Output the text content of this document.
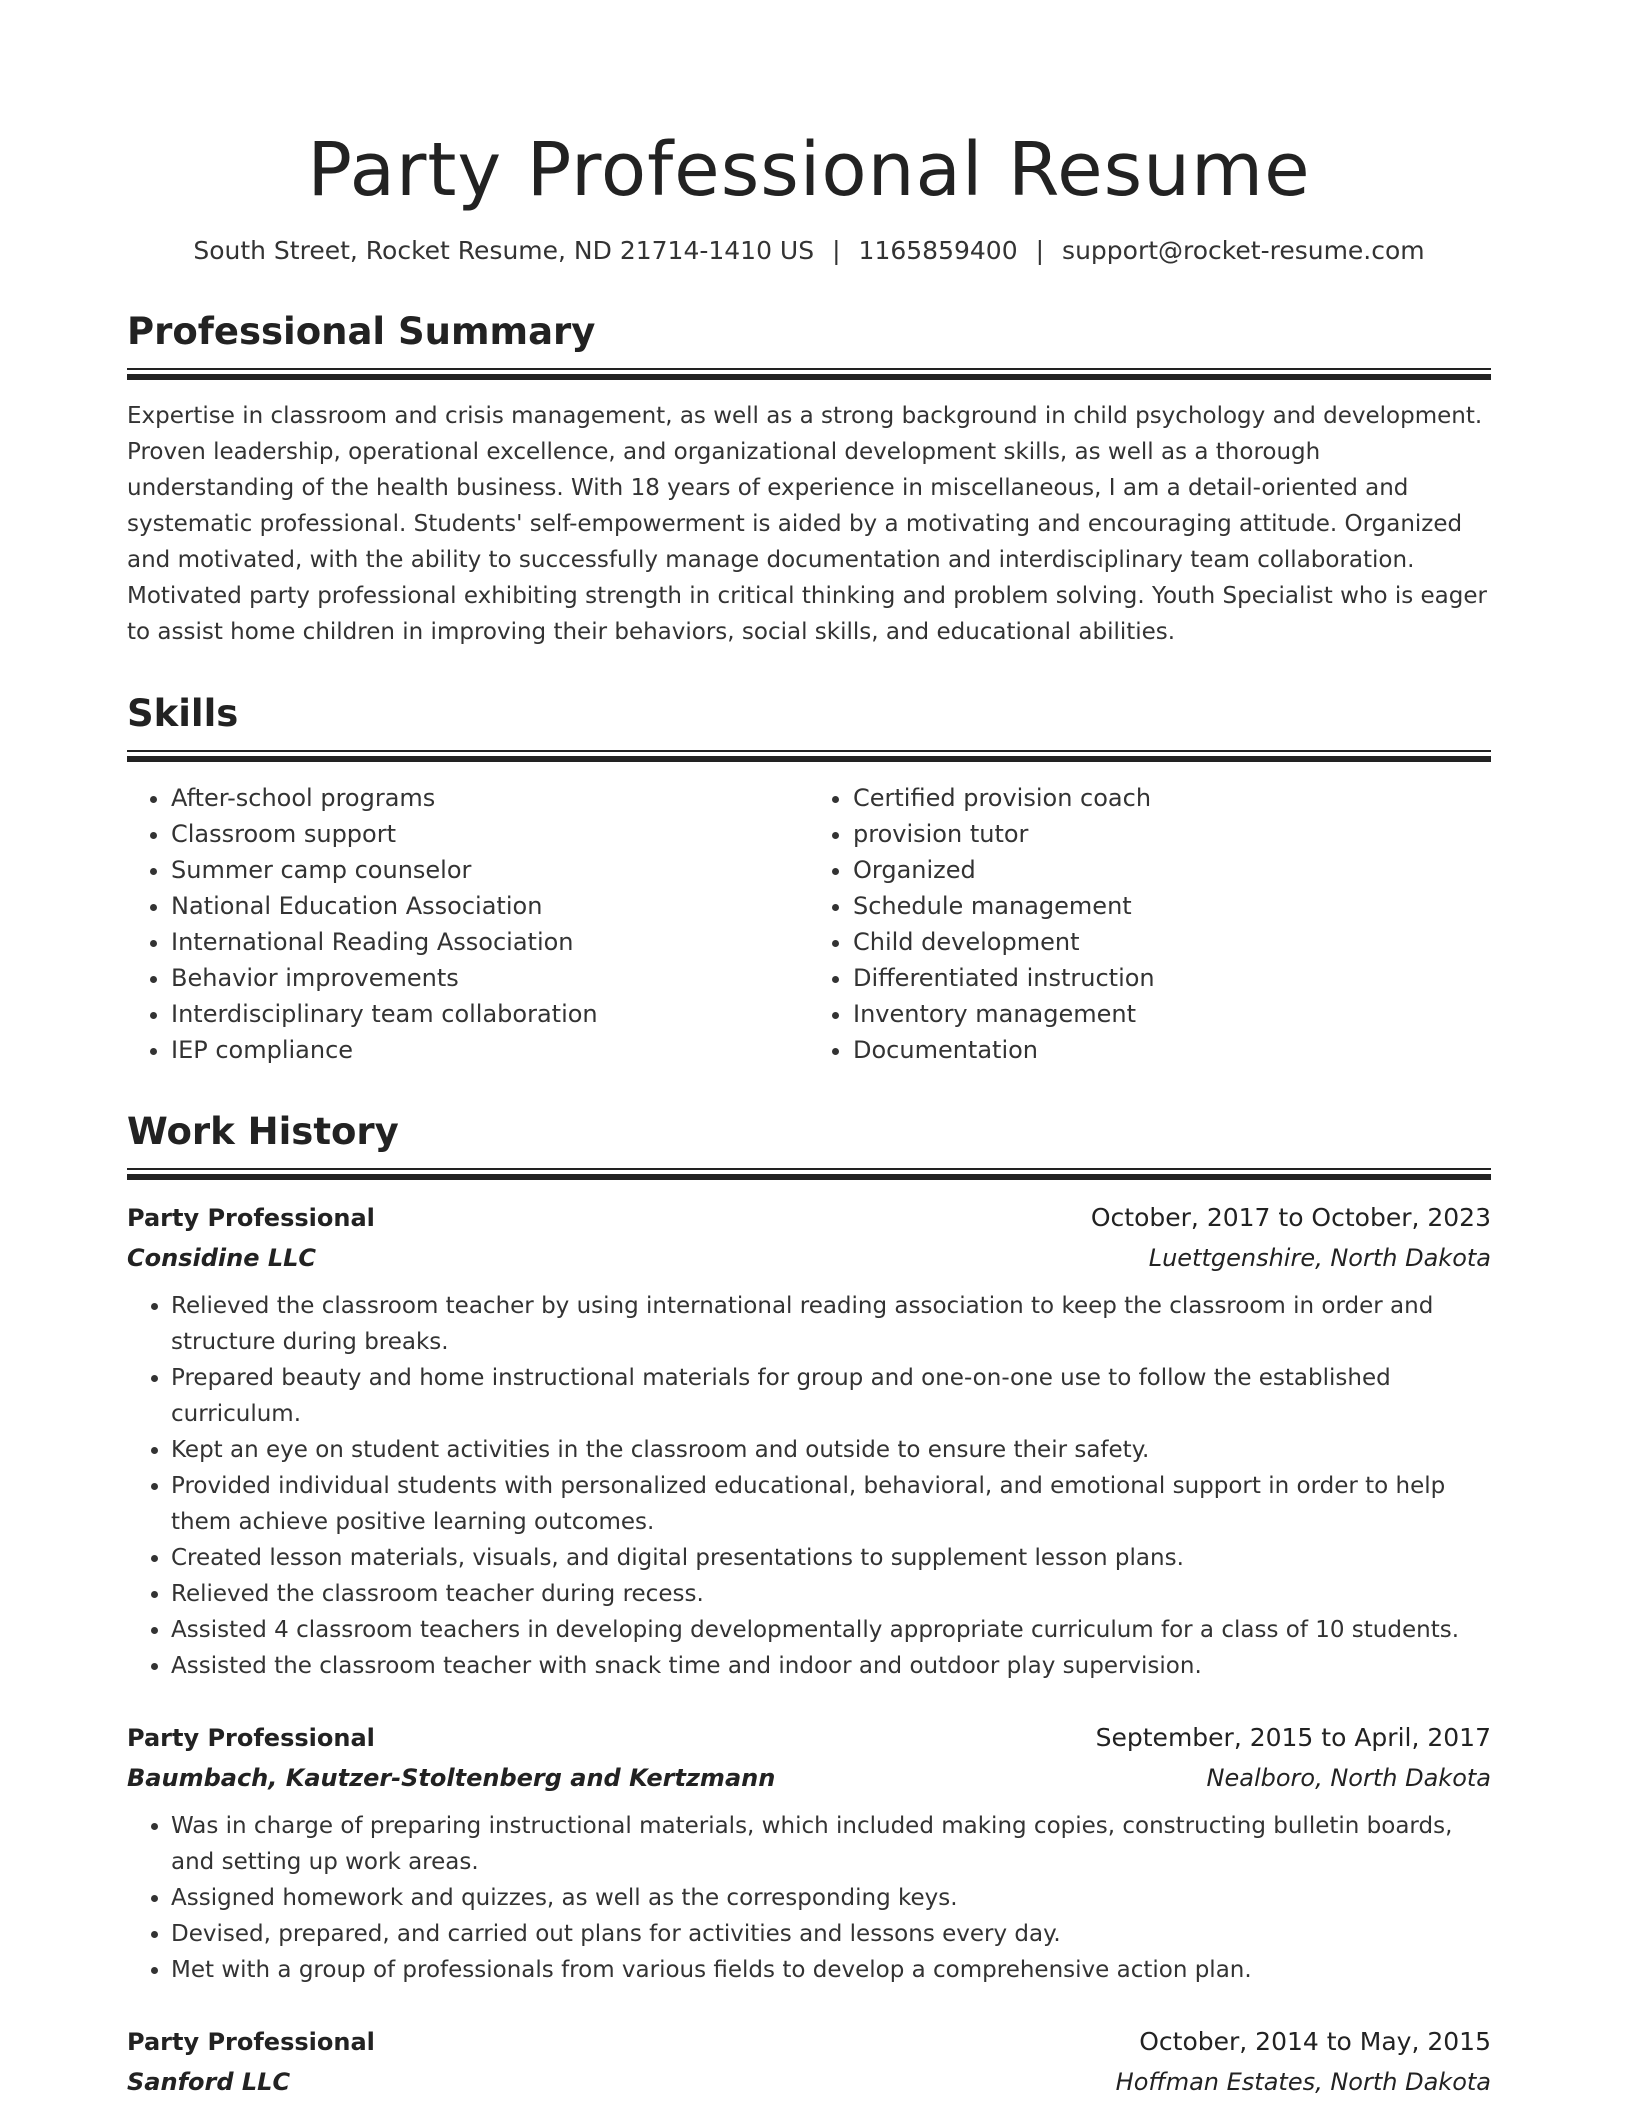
Party Professional Resume
South Street, Rocket Resume, ND 21714-1410 US | 1165859400 | support@rocket-resume.com
Professional Summary
Expertise in classroom and crisis management, as well as a strong background in child psychology and development. Proven leadership, operational excellence, and organizational development skills, as well as a thorough understanding of the health business. With 18 years of experience in miscellaneous, I am a detail-oriented and systematic professional. Students' self-empowerment is aided by a motivating and encouraging attitude. Organized and motivated, with the ability to successfully manage documentation and interdisciplinary team collaboration. Motivated party professional exhibiting strength in critical thinking and problem solving. Youth Specialist who is eager to assist home children in improving their behaviors, social skills, and educational abilities.
Skills
• After-school programs
• Classroom support
• Summer camp counselor
• National Education Association
• International Reading Association
• Behavior improvements
• Interdisciplinary team collaboration
• IEP compliance
• Certified provision coach
• provision tutor
• Organized
• Schedule management
• Child development
• Differentiated instruction
• Inventory management
• Documentation
Work History
Party Professional	October, 2017 to October, 2023
Considine LLC	Luettgenshire, North Dakota
• Relieved the classroom teacher by using international reading association to keep the classroom in order and structure during breaks.
• Prepared beauty and home instructional materials for group and one-on-one use to follow the established curriculum.
• Kept an eye on student activities in the classroom and outside to ensure their safety.
• Provided individual students with personalized educational, behavioral, and emotional support in order to help them achieve positive learning outcomes.
• Created lesson materials, visuals, and digital presentations to supplement lesson plans.
• Relieved the classroom teacher during recess.
• Assisted 4 classroom teachers in developing developmentally appropriate curriculum for a class of 10 students.
• Assisted the classroom teacher with snack time and indoor and outdoor play supervision.
Party Professional	September, 2015 to April, 2017
Baumbach, Kautzer-Stoltenberg and Kertzmann	Nealboro, North Dakota
• Was in charge of preparing instructional materials, which included making copies, constructing bulletin boards, and setting up work areas.
• Assigned homework and quizzes, as well as the corresponding keys.
• Devised, prepared, and carried out plans for activities and lessons every day.
• Met with a group of professionals from various fields to develop a comprehensive action plan.
Party Professional	October, 2014 to May, 2015
Sanford LLC	Hoffman Estates, North Dakota
